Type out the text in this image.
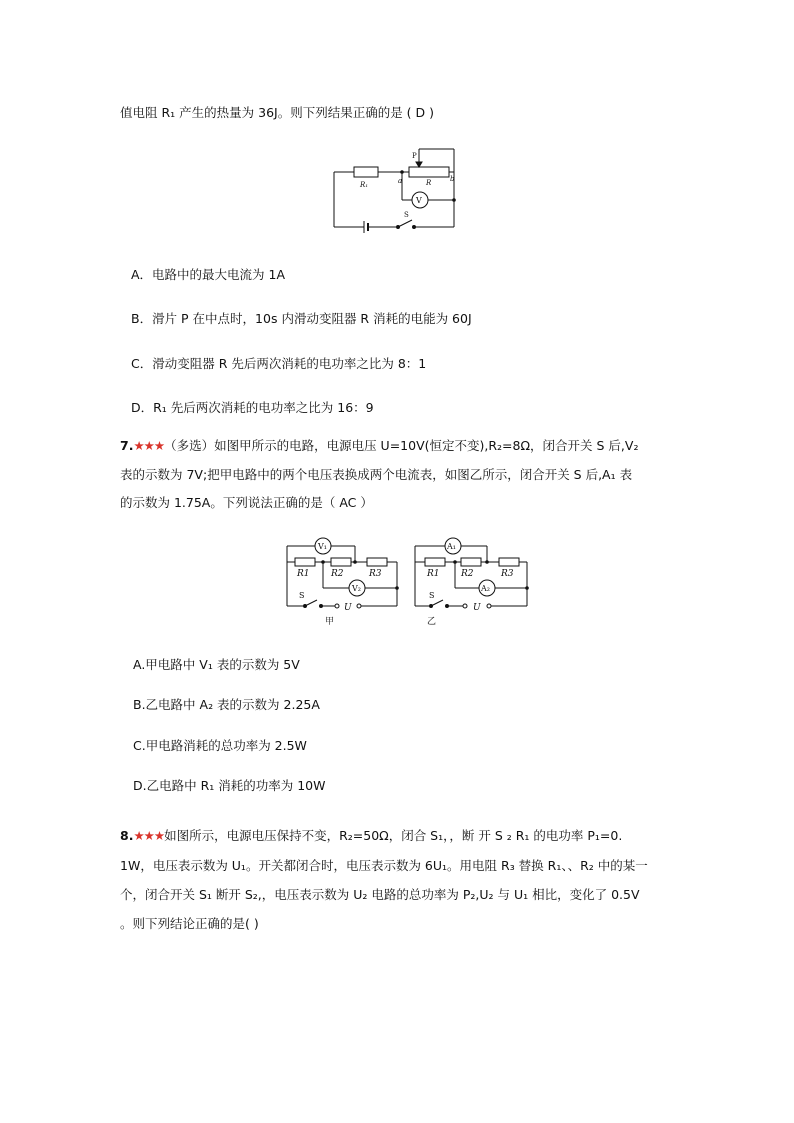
值电阻 R₁ 产生的热量为 36J。则下列结果正确的是 ( D )
R₁
P
a	R	b
V
S
A．电路中的最大电流为 1A
B．滑片 P 在中点时，10s 内滑动变阻器 R 消耗的电能为 60J
C．滑动变阻器 R 先后两次消耗的电功率之比为 8：1
D．R₁ 先后两次消耗的电功率之比为 16：9
7.★★★（多选）如图甲所示的电路，电源电压 U=10V(恒定不变),R₂=8Ω，闭合开关 S 后,V₂
表的示数为 7V;把甲电路中的两个电压表换成两个电流表，如图乙所示，闭合开关 S 后,A₁ 表
的示数为 1.75A。下列说法正确的是（ AC ）
V₁
V₂
R1 R2	R3
S
U
甲
A₁
A₂
R1 R2	R3
S
U
乙
A.甲电路中 V₁ 表的示数为 5V
B.乙电路中 A₂ 表的示数为 2.25A
C.甲电路消耗的总功率为 2.5W
D.乙电路中 R₁ 消耗的功率为 10W
8.★★★如图所示，电源电压保持不变，R₂=50Ω，闭合 S₁，，断 开 S ₂ R₁ 的电功率 P₁=0.
1W，电压表示数为 U₁。开关都闭合时，电压表示数为 6U₁。用电阻 R₃ 替换 R₁、、R₂ 中的某一
个，闭合开关 S₁ 断开 S₂,，电压表示数为 U₂ 电路的总功率为 P₂,U₂ 与 U₁ 相比，变化了 0.5V
。则下列结论正确的是( )
